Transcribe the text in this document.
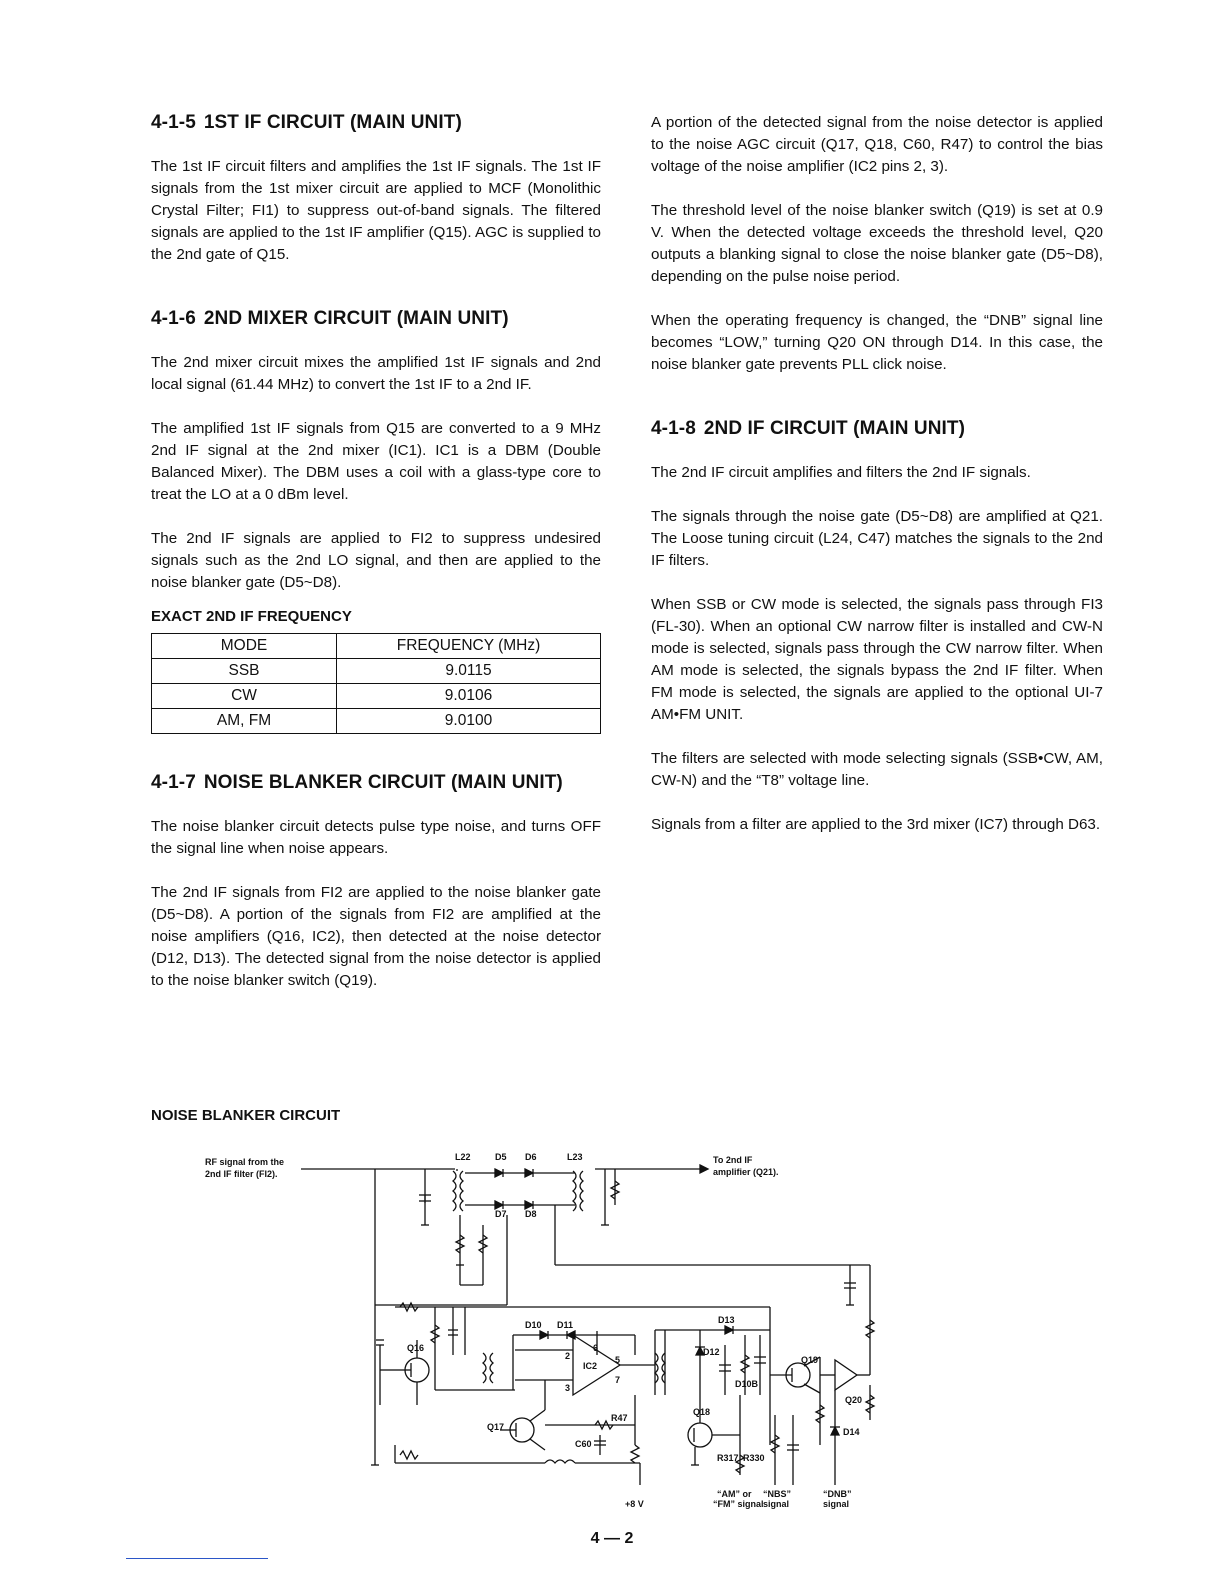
4-1-5 1ST IF CIRCUIT (MAIN UNIT)

The 1st IF circuit filters and amplifies the 1st IF signals. The 1st IF signals from the 1st mixer circuit are applied to MCF (Monolithic Crystal Filter; FI1) to suppress out-of-band signals. The filtered signals are applied to the 1st IF amplifier (Q15). AGC is supplied to the 2nd gate of Q15.

4-1-6 2ND MIXER CIRCUIT (MAIN UNIT)

The 2nd mixer circuit mixes the amplified 1st IF signals and 2nd local signal (61.44 MHz) to convert the 1st IF to a 2nd IF.

The amplified 1st IF signals from Q15 are converted to a 9 MHz 2nd IF signal at the 2nd mixer (IC1). IC1 is a DBM (Double Balanced Mixer). The DBM uses a coil with a glass-type core to treat the LO at a 0 dBm level.

The 2nd IF signals are applied to FI2 to suppress undesired signals such as the 2nd LO signal, and then are applied to the noise blanker gate (D5~D8).

EXACT 2ND IF FREQUENCY
MODE	FREQUENCY (MHz)
SSB	9.0115
CW	9.0106
AM, FM	9.0100
4-1-7 NOISE BLANKER CIRCUIT (MAIN UNIT)

The noise blanker circuit detects pulse type noise, and turns OFF the signal line when noise appears.

The 2nd IF signals from FI2 are applied to the noise blanker gate (D5~D8). A portion of the signals from FI2 are amplified at the noise amplifiers (Q16, IC2), then detected at the noise detector (D12, D13). The detected signal from the noise detector is applied to the noise blanker switch (Q19).

A portion of the detected signal from the noise detector is applied to the noise AGC circuit (Q17, Q18, C60, R47) to control the bias voltage of the noise amplifier (IC2 pins 2, 3).

The threshold level of the noise blanker switch (Q19) is set at 0.9 V. When the detected voltage exceeds the threshold level, Q20 outputs a blanking signal to close the noise blanker gate (D5~D8), depending on the pulse noise period.

When the operating frequency is changed, the “DNB” signal line becomes “LOW,” turning Q20 ON through D14. In this case, the noise blanker gate prevents PLL click noise.

4-1-8 2ND IF CIRCUIT (MAIN UNIT)

The 2nd IF circuit amplifies and filters the 2nd IF signals.

The signals through the noise gate (D5~D8) are amplified at Q21. The Loose tuning circuit (L24, C47) matches the signals to the 2nd IF filters.

When SSB or CW mode is selected, the signals pass through FI3 (FL-30). When an optional CW narrow filter is installed and CW-N mode is selected, signals pass through the CW narrow filter. When AM mode is selected, the signals bypass the 2nd IF filter. When FM mode is selected, the signals are applied to the optional UI-7 AM•FM UNIT.

The filters are selected with mode selecting signals (SSB•CW, AM, CW-N) and the “T8” voltage line.

Signals from a filter are applied to the 3rd mixer (IC7) through D63.

NOISE BLANKER CIRCUIT
RF signal from the
2nd IF filter (FI2).
To 2nd IF
amplifier (Q21).
L22	D5 D6	L23
D7 D8
D10 D11	D13
D12
Q16
IC2
2
3
5
6
7
Q17
R47
C60
Q18
D10B
Q19
Q20
D14
R317 R330
+8 V
“AM” or
“FM” signal
“NBS”
signal
“DNB”
signal
4 — 2
